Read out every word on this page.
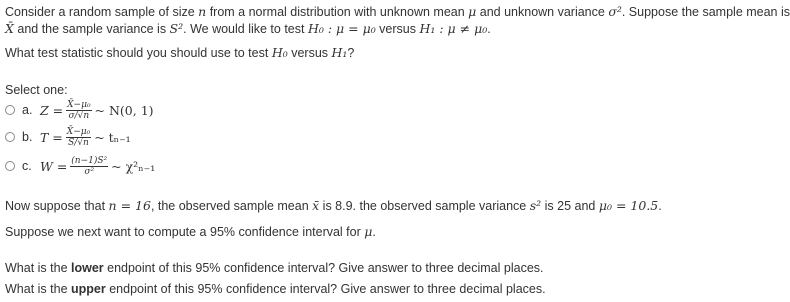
Consider a random sample of size n from a normal distribution with unknown mean μ and unknown variance σ². Suppose the sample mean is
X̄ and the sample variance is S². We would like to test H₀ : μ = μ₀ versus H₁ : μ ≠ μ₀.
What test statistic should you should use to test H₀ versus H₁?
Select one:
a. $Z = \frac{\text{X̄−μ₀}}{\sigma/√n}$ ~ N(0, 1)
b. $T = \frac{\text{X̄−μ₀}}{S/√n}$ ~ tₙ₋₁
c. $W = \frac{\text{(n−1)S²}}{\text{σ²}}$ ~ χ²ₙ₋₁
Now suppose that n = 16, the observed sample mean x̄ is 8.9. the observed sample variance s² is 25 and μ₀ = 10.5.
Suppose we next want to compute a 95% confidence interval for μ.
What is the lower endpoint of this 95% confidence interval? Give answer to three decimal places.
What is the upper endpoint of this 95% confidence interval? Give answer to three decimal places.
